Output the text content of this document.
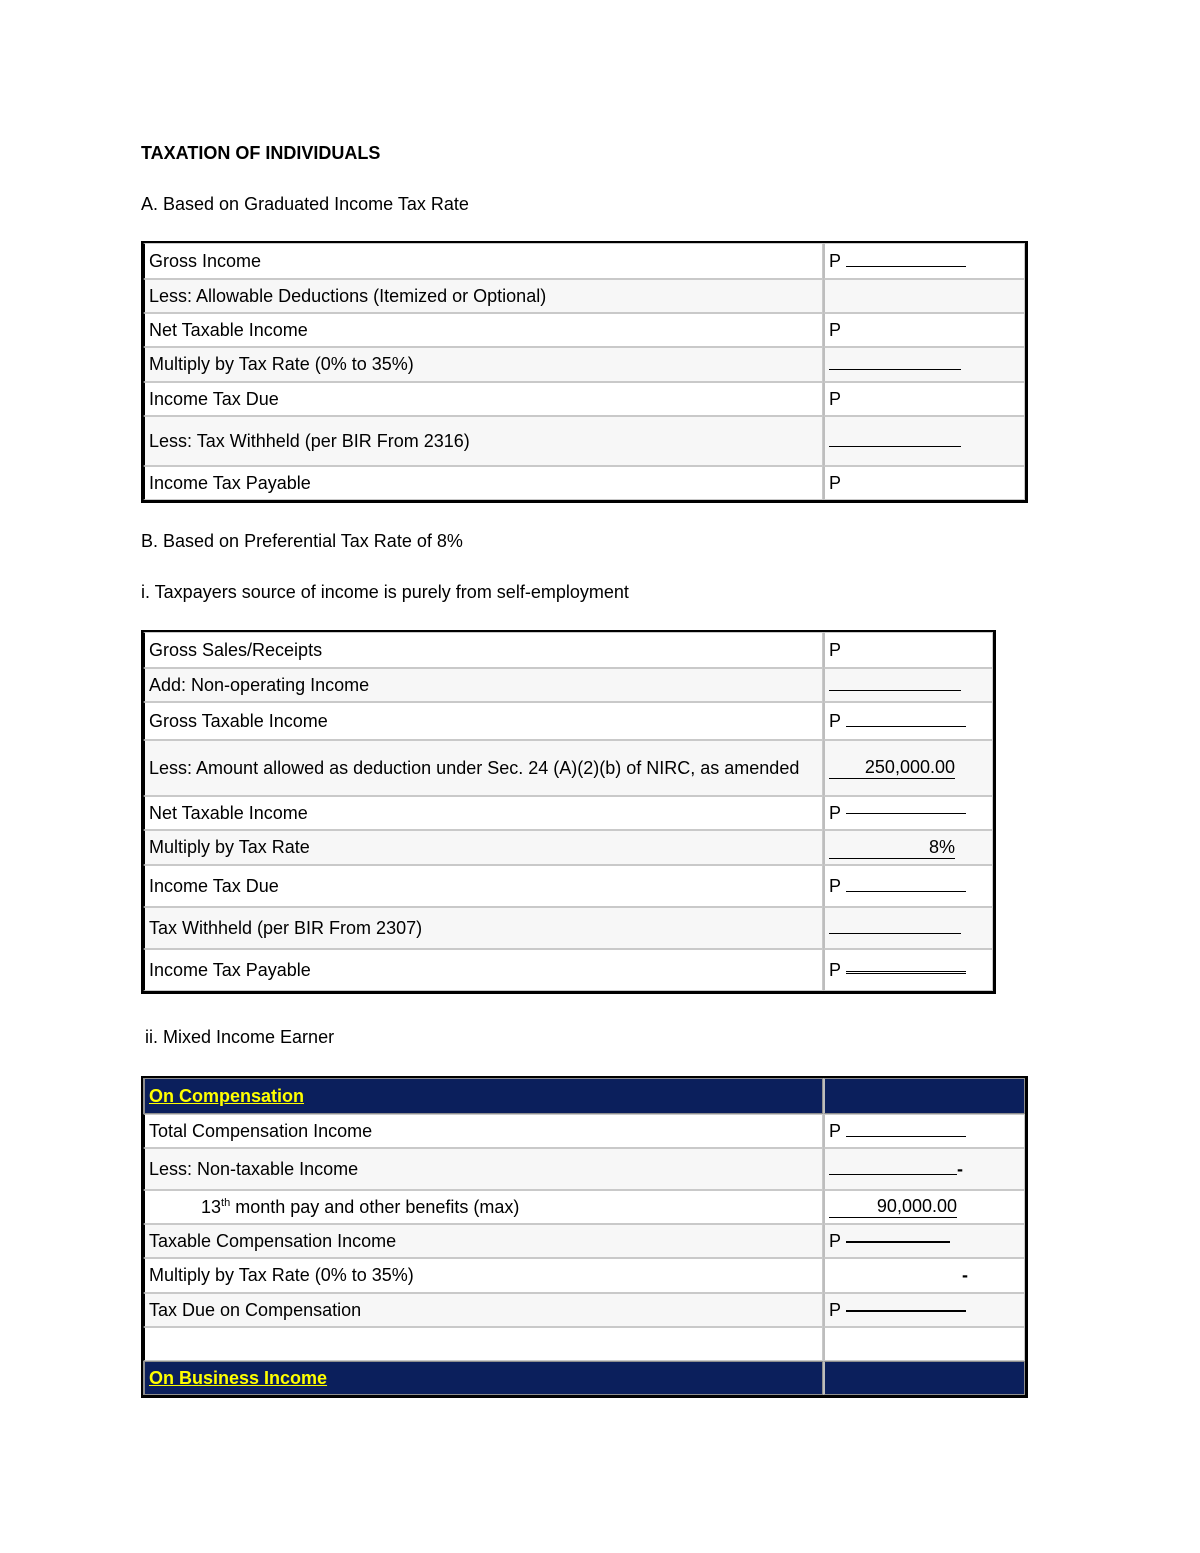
TAXATION OF INDIVIDUALS
A. Based on Graduated Income Tax Rate
Gross Income	P
Less: Allowable Deductions (Itemized or Optional)	
Net Taxable Income	P
Multiply by Tax Rate (0% to 35%)	
Income Tax Due	P
Less: Tax Withheld (per BIR From 2316)	
Income Tax Payable	P
B. Based on Preferential Tax Rate of 8%
i. Taxpayers source of income is purely from self-employment
Gross Sales/Receipts	P
Add: Non-operating Income	
Gross Taxable Income	P
Less: Amount allowed as deduction under Sec. 24 (A)(2)(b) of NIRC, as amended	250,000.00
Net Taxable Income	P
Multiply by Tax Rate	8%
Income Tax Due	P
Tax Withheld (per BIR From 2307)	
Income Tax Payable	P
ii. Mixed Income Earner
On Compensation	
Total Compensation Income	P
Less: Non-taxable Income	-
13th month pay and other benefits (max)	90,000.00
Taxable Compensation Income	P
Multiply by Tax Rate (0% to 35%)	-
Tax Due on Compensation	P

On Business Income	
